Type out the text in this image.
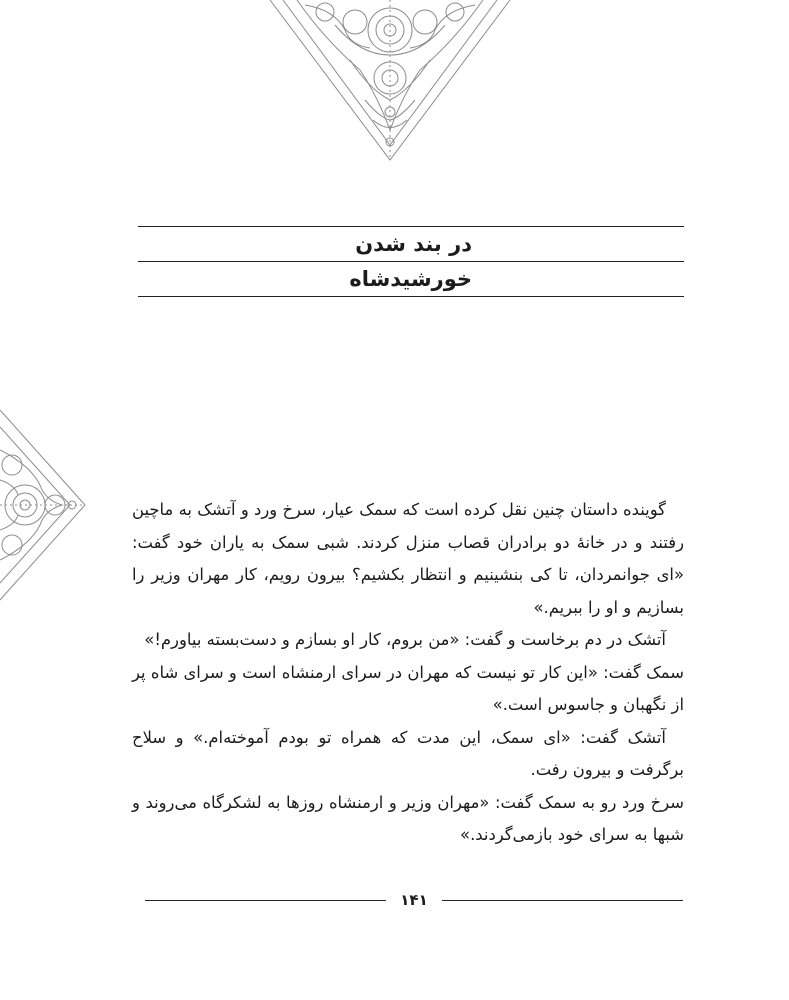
در بند شدن
خورشیدشاه

گوینده داستان چنین نقل کرده است که سمک عیار، سرخ ورد و آتشک به ماچین رفتند و در خانهٔ دو برادران قصاب منزل کردند. شبی سمک به یاران خود گفت: «ای جوانمردان، تا کی بنشینیم و انتظار بکشیم؟ بیرون رویم، کار مهران وزیر را بسازیم و او را ببریم.»

آتشک در دم برخاست و گفت: «من بروم، کار او بسازم و دست‌بسته بیاورم!»

سمک گفت: «این کار تو نیست که مهران در سرای ارمنشاه است و سرای شاه پر از نگهبان و جاسوس است.»

آتشک گفت: «ای سمک، این مدت که همراه تو بودم آموخته‌ام.» و سلاح برگرفت و بیرون رفت.

سرخ ورد رو به سمک گفت: «مهران وزیر و ارمنشاه روزها به لشکرگاه می‌روند و شبها به سرای خود بازمی‌گردند.»

۱۴۱
